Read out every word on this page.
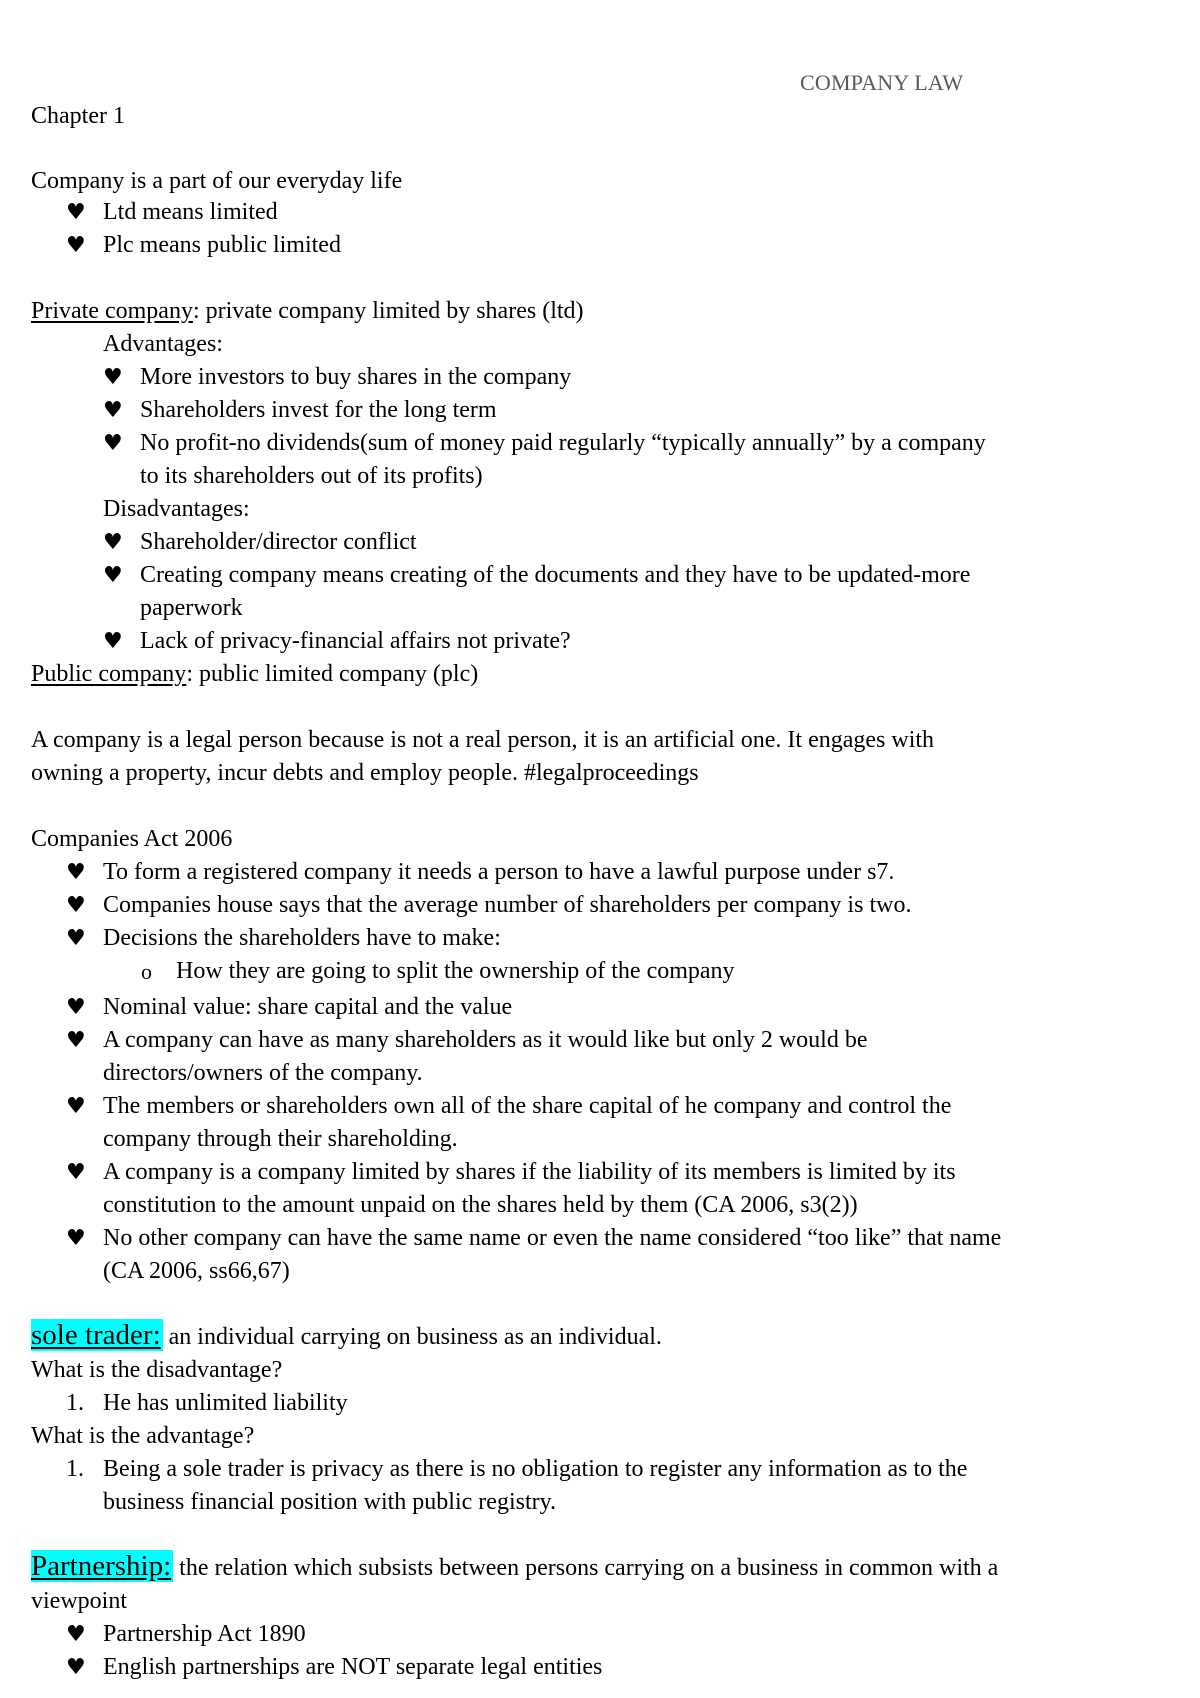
COMPANY LAW
Chapter 1
Company is a part of our everyday life
♥ Ltd means limited
♥ Plc means public limited
Private company: private company limited by shares (ltd)
Advantages:
♥ More investors to buy shares in the company
♥ Shareholders invest for the long term
♥ No profit-no dividends(sum of money paid regularly “typically annually” by a company
to its shareholders out of its profits)
Disadvantages:
♥ Shareholder/director conflict
♥ Creating company means creating of the documents and they have to be updated-more
paperwork
♥ Lack of privacy-financial affairs not private?
Public company: public limited company (plc)
A company is a legal person because is not a real person, it is an artificial one. It engages with
owning a property, incur debts and employ people. #legalproceedings
Companies Act 2006
♥ To form a registered company it needs a person to have a lawful purpose under s7.
♥ Companies house says that the average number of shareholders per company is two.
♥ Decisions the shareholders have to make:
o How they are going to split the ownership of the company
♥ Nominal value: share capital and the value
♥ A company can have as many shareholders as it would like but only 2 would be
directors/owners of the company.
♥ The members or shareholders own all of the share capital of he company and control the
company through their shareholding.
♥ A company is a company limited by shares if the liability of its members is limited by its
constitution to the amount unpaid on the shares held by them (CA 2006, s3(2))
♥ No other company can have the same name or even the name considered “too like” that name
(CA 2006, ss66,67)
sole trader: an individual carrying on business as an individual.
What is the disadvantage?
1. He has unlimited liability
What is the advantage?
1. Being a sole trader is privacy as there is no obligation to register any information as to the
business financial position with public registry.
Partnership: the relation which subsists between persons carrying on a business in common with a
viewpoint
♥ Partnership Act 1890
♥ English partnerships are NOT separate legal entities
